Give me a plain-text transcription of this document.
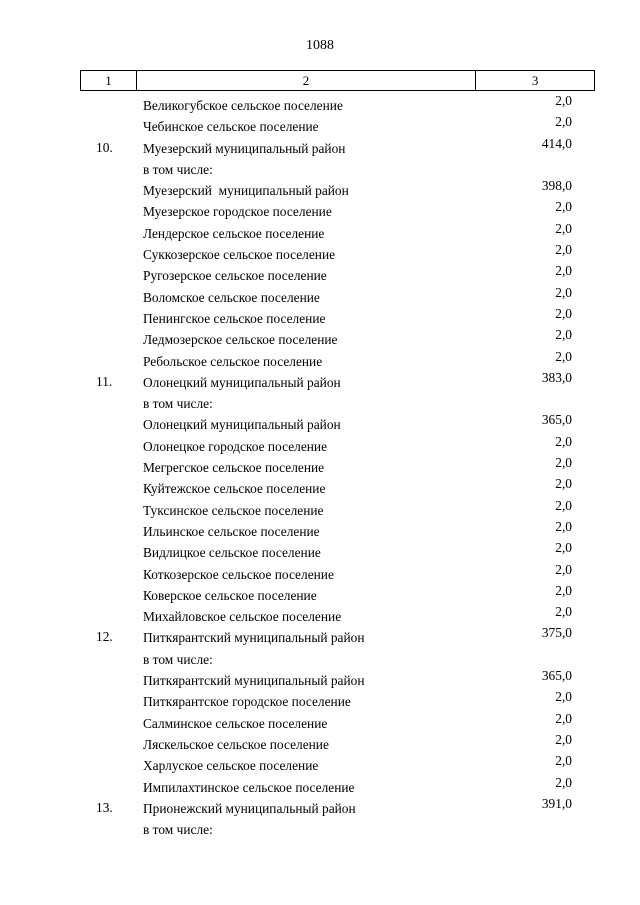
1088
1	2	3
Великогубское сельское поселение	2,0
Чебинское сельское поселение	2,0
10. Муезерский муниципальный район	414,0
в том числе:
Муезерский  муниципальный район	398,0
Муезерское городское поселение	2,0
Лендерское сельское поселение	2,0
Суккозерское сельское поселение	2,0
Ругозерское сельское поселение	2,0
Воломское сельское поселение	2,0
Пенингское сельское поселение	2,0
Ледмозерское сельское поселение	2,0
Ребольское сельское поселение	2,0
11. Олонецкий муниципальный район	383,0
в том числе:
Олонецкий муниципальный район	365,0
Олонецкое городское поселение	2,0
Мегрегское сельское поселение	2,0
Куйтежское сельское поселение	2,0
Туксинское сельское поселение	2,0
Ильинское сельское поселение	2,0
Видлицкое сельское поселение	2,0
Коткозерское сельское поселение	2,0
Коверское сельское поселение	2,0
Михайловское сельское поселение	2,0
12. Питкярантский муниципальный район	375,0
в том числе:
Питкярантский муниципальный район	365,0
Питкярантское городское поселение	2,0
Салминское сельское поселение	2,0
Ляскельское сельское поселение	2,0
Харлуское сельское поселение	2,0
Импилахтинское сельское поселение	2,0
13. Прионежский муниципальный район	391,0
в том числе:
